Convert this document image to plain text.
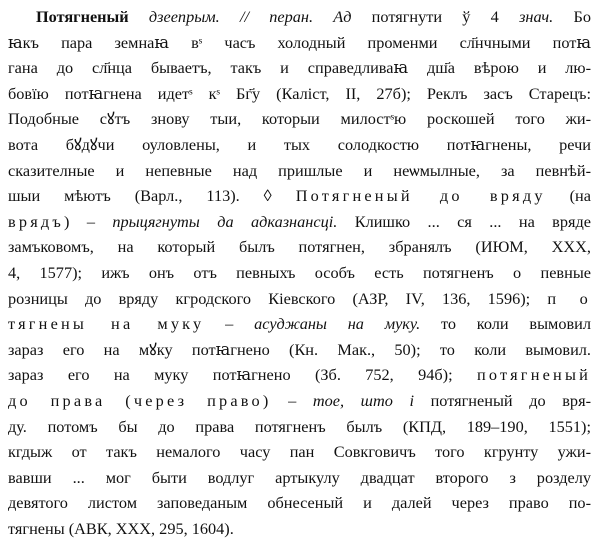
Потягненый дзеепрым. // перан. Ад потягнути ў 4 знач. Бо
ꙗкъ пара земнаꙗ вˢ часъ холодный променми сл҃нчными потꙗ
гана до сл҃нца бываетъ, такъ и справедливаꙗ дш҃а вѣрою и лю-
бовїю потꙗгнена идетˢ кˢ Бг҃у (Каліст, ІІ, 27б); Реклъ засъ Старецъ:
Подобные сꙋтъ знову тыи, которыи милостˢю роскошей того жи-
вота бꙋдꙋчи оуловлены, и тых солодкостю потꙗгнены, речи
сказителные и непевные над пришлые и неѡмылные, за певнѣй-
шыи мѣютъ (Варл., 113). ◊ Потягненый до вряду (на
врядъ) – прыцягнуты да адказнансці. Клишко ... ся ... на вряде
замъковомъ, на который былъ потягнен, збранялъ (ИЮМ, XXX,
4, 1577); ижъ онъ отъ певныхъ особъ есть потягненъ о певные
розницы до вряду кгродского Кіевского (АЗР, IV, 136, 1596); п о
тягнены на муку – асуджаны на муку. то коли вымовил
зараз его на мꙋку потꙗгнено (Кн. Мак., 50); то коли вымовил.
зараз его на муку потꙗгнено (Зб. 752, 94б); потягненый
до права (через право) – тое, што і потягненый до вря-
ду. потомъ бы до права потягненъ былъ (КПД, 189–190, 1551);
кгдыж от такъ немалого часу пан Совкговичъ того кгрунту ужи-
вавши ... мог быти водлуг артыкулу двадцат второго з розделу
девятого листом заповеданым обнесеный и далей через право по-
тягнены (АВК, XXX, 295, 1604).
